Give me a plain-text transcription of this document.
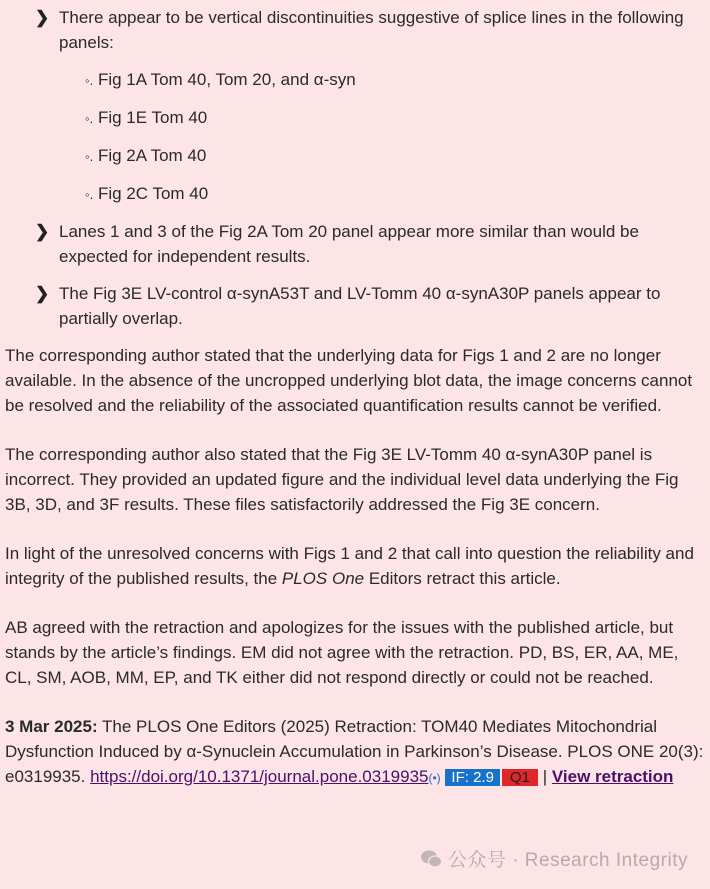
❯ There appear to be vertical discontinuities suggestive of splice lines in the following panels:
◦. Fig 1A Tom 40, Tom 20, and α-syn
◦. Fig 1E Tom 40
◦. Fig 2A Tom 40
◦. Fig 2C Tom 40
❯ Lanes 1 and 3 of the Fig 2A Tom 20 panel appear more similar than would be expected for independent results.
❯ The Fig 3E LV-control α-synA53T and LV-Tomm 40 α-synA30P panels appear to partially overlap.

The corresponding author stated that the underlying data for Figs 1 and 2 are no longer available. In the absence of the uncropped underlying blot data, the image concerns cannot be resolved and the reliability of the associated quantification results cannot be verified.

The corresponding author also stated that the Fig 3E LV-Tomm 40 α-synA30P panel is incorrect. They provided an updated figure and the individual level data underlying the Fig 3B, 3D, and 3F results. These files satisfactorily addressed the Fig 3E concern.

In light of the unresolved concerns with Figs 1 and 2 that call into question the reliability and integrity of the published results, the PLOS One Editors retract this article.

AB agreed with the retraction and apologizes for the issues with the published article, but stands by the article’s findings. EM did not agree with the retraction. PD, BS, ER, AA, ME, CL, SM, AOB, MM, EP, and TK either did not respond directly or could not be reached.

3 Mar 2025: The PLOS One Editors (2025) Retraction: TOM40 Mediates Mitochondrial Dysfunction Induced by α-Synuclein Accumulation in Parkinson’s Disease. PLOS ONE 20(3): e0319935. https://doi.org/10.1371/journal.pone.0319935(•) IF: 2.9 Q1 | View retraction

公众号 · Research Integrity
